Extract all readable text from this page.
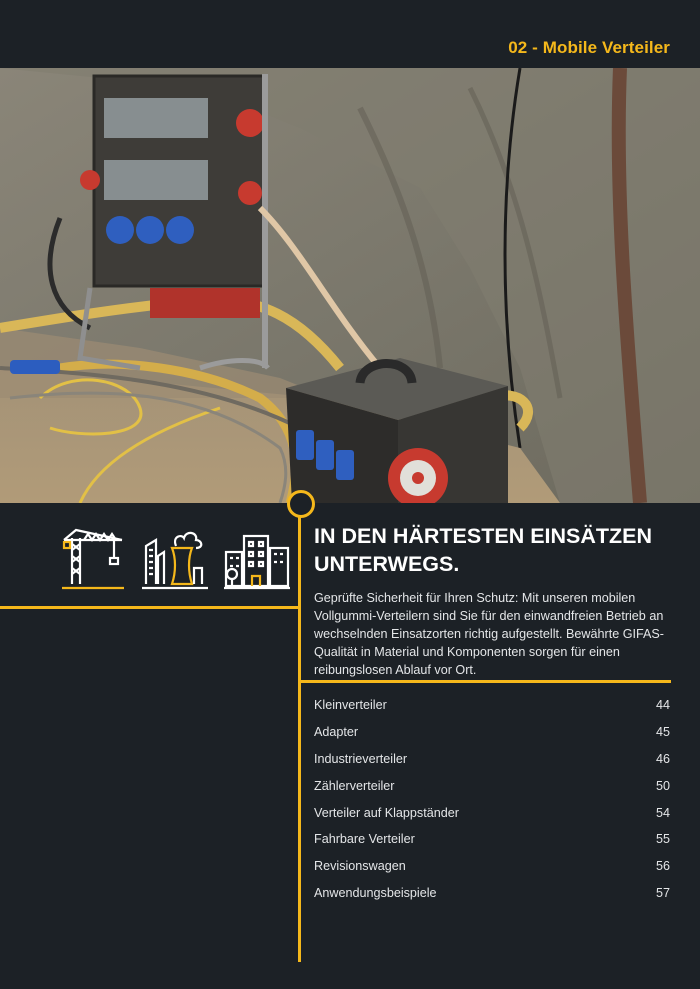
02 - Mobile Verteiler
IN DEN HÄRTESTEN EINSÄTZEN
UNTERWEGS.

Geprüfte Sicherheit für Ihren Schutz: Mit unseren mobilen Vollgummi-Verteilern sind Sie für den einwandfreien Betrieb an wechselnden Einsatzorten richtig aufgestellt. Bewährte GIFAS-Qualität in Material und Komponenten sorgen für einen reibungslosen Ablauf vor Ort.

Kleinverteiler	44
Adapter	45
Industrieverteiler	46
Zählerverteiler	50
Verteiler auf Klappständer	54
Fahrbare Verteiler	55
Revisionswagen	56
Anwendungsbeispiele	57
